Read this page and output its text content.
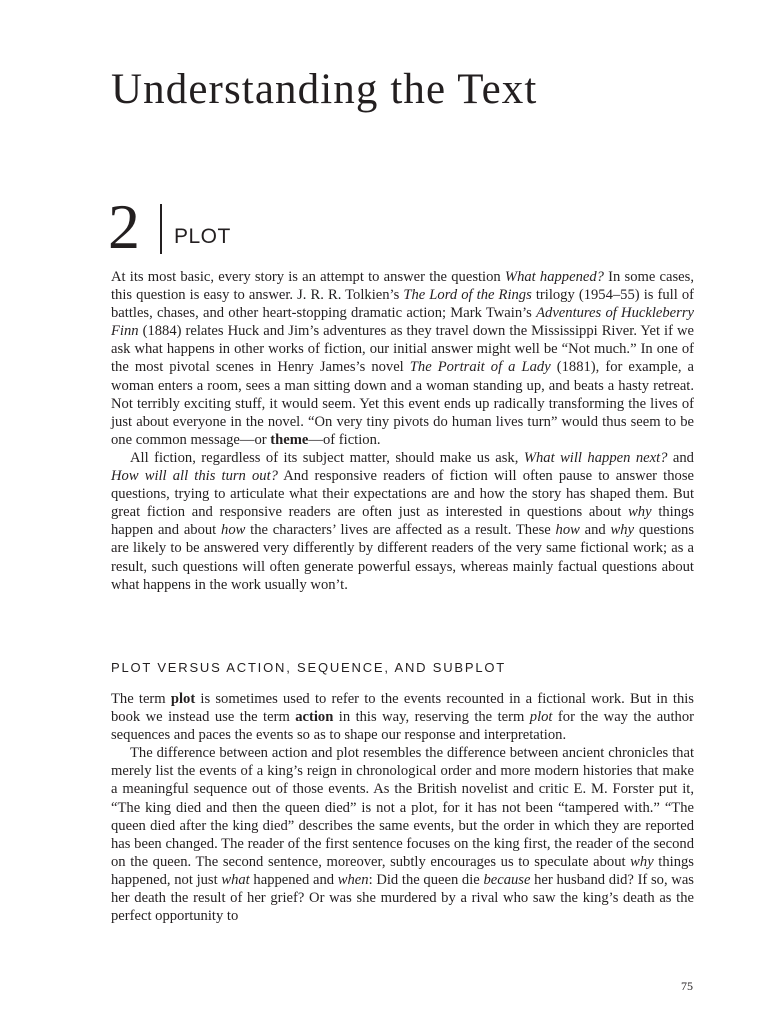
Understanding the Text
2 PLOT

At its most basic, every story is an attempt to answer the question What happened? In some cases, this question is easy to answer. J. R. R. Tolkien’s The Lord of the Rings trilogy (1954–55) is full of battles, chases, and other heart-stopping dramatic action; Mark Twain’s Adventures of Huckleberry Finn (1884) relates Huck and Jim’s adventures as they travel down the Mississippi River. Yet if we ask what happens in other works of fiction, our initial answer might well be “Not much.” In one of the most pivotal scenes in Henry James’s novel The Portrait of a Lady (1881), for example, a woman enters a room, sees a man sitting down and a woman standing up, and beats a hasty retreat. Not terribly exciting stuff, it would seem. Yet this event ends up radically transforming the lives of just about everyone in the novel. “On very tiny pivots do human lives turn” would thus seem to be one common message—or theme—of fiction.

All fiction, regardless of its subject matter, should make us ask, What will happen next? and How will all this turn out? And responsive readers of fiction will often pause to answer those questions, trying to articulate what their expectations are and how the story has shaped them. But great fiction and responsive readers are often just as interested in questions about why things happen and about how the characters’ lives are affected as a result. These how and why questions are likely to be answered very differently by different readers of the very same fictional work; as a result, such questions will often generate powerful essays, whereas mainly factual questions about what happens in the work usually won’t.

PLOT VERSUS ACTION, SEQUENCE, AND SUBPLOT

The term plot is sometimes used to refer to the events recounted in a fictional work. But in this book we instead use the term action in this way, reserving the term plot for the way the author sequences and paces the events so as to shape our response and interpretation.

The difference between action and plot resembles the difference between ancient chronicles that merely list the events of a king’s reign in chronological order and more modern histories that make a meaningful sequence out of those events. As the British novelist and critic E. M. Forster put it, “The king died and then the queen died” is not a plot, for it has not been “tampered with.” “The queen died after the king died” describes the same events, but the order in which they are reported has been changed. The reader of the first sentence focuses on the king first, the reader of the second on the queen. The second sentence, moreover, subtly encourages us to speculate about why things happened, not just what happened and when: Did the queen die because her husband did? If so, was her death the result of her grief? Or was she murdered by a rival who saw the king’s death as the perfect opportunity to

75
